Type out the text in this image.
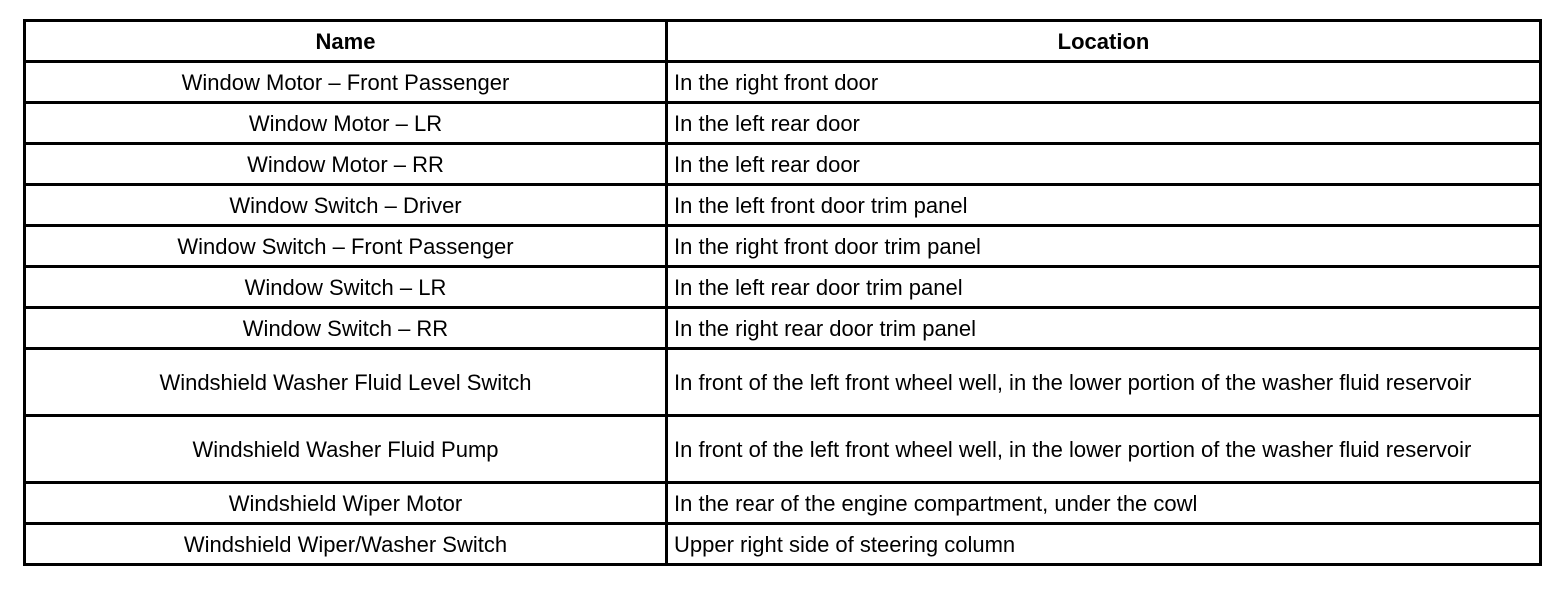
Name	Location
Window Motor – Front Passenger	In the right front door
Window Motor – LR	In the left rear door
Window Motor – RR	In the left rear door
Window Switch – Driver	In the left front door trim panel
Window Switch – Front Passenger	In the right front door trim panel
Window Switch – LR	In the left rear door trim panel
Window Switch – RR	In the right rear door trim panel
Windshield Washer Fluid Level Switch	In front of the left front wheel well, in the lower portion of the washer fluid reservoir
Windshield Washer Fluid Pump	In front of the left front wheel well, in the lower portion of the washer fluid reservoir
Windshield Wiper Motor	In the rear of the engine compartment, under the cowl
Windshield Wiper/Washer Switch	Upper right side of steering column
